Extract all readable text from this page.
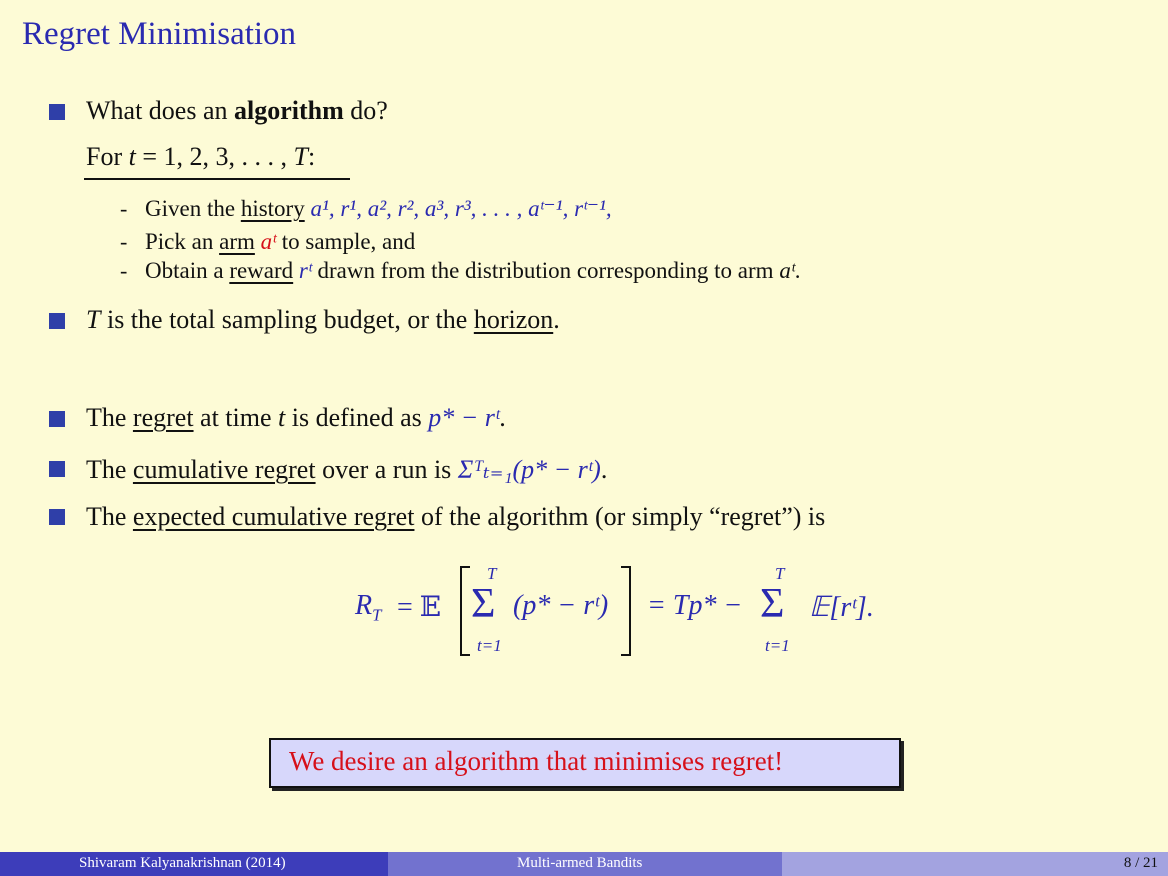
Regret Minimisation
What does an algorithm do?
For t = 1, 2, 3, . . . , T:
- Given the history a¹, r¹, a², r², a³, r³, . . . , aᵗ⁻¹, rᵗ⁻¹,
- Pick an arm aᵗ to sample, and
- Obtain a reward rᵗ drawn from the distribution corresponding to arm aᵗ.
T is the total sampling budget, or the horizon.
The regret at time t is defined as p* − rᵗ.
The cumulative regret over a run is Σᵀₜ₌₁(p* − rᵗ).
The expected cumulative regret of the algorithm (or simply “regret”) is
$R_T$ = 𝔼
T
Σ
t=1
(p* − rᵗ) = Tp* −
T
Σ
t=1
𝔼[rᵗ].
We desire an algorithm that minimises regret!
Shivaram Kalyanakrishnan (2014)	Multi-armed Bandits	8 / 21
